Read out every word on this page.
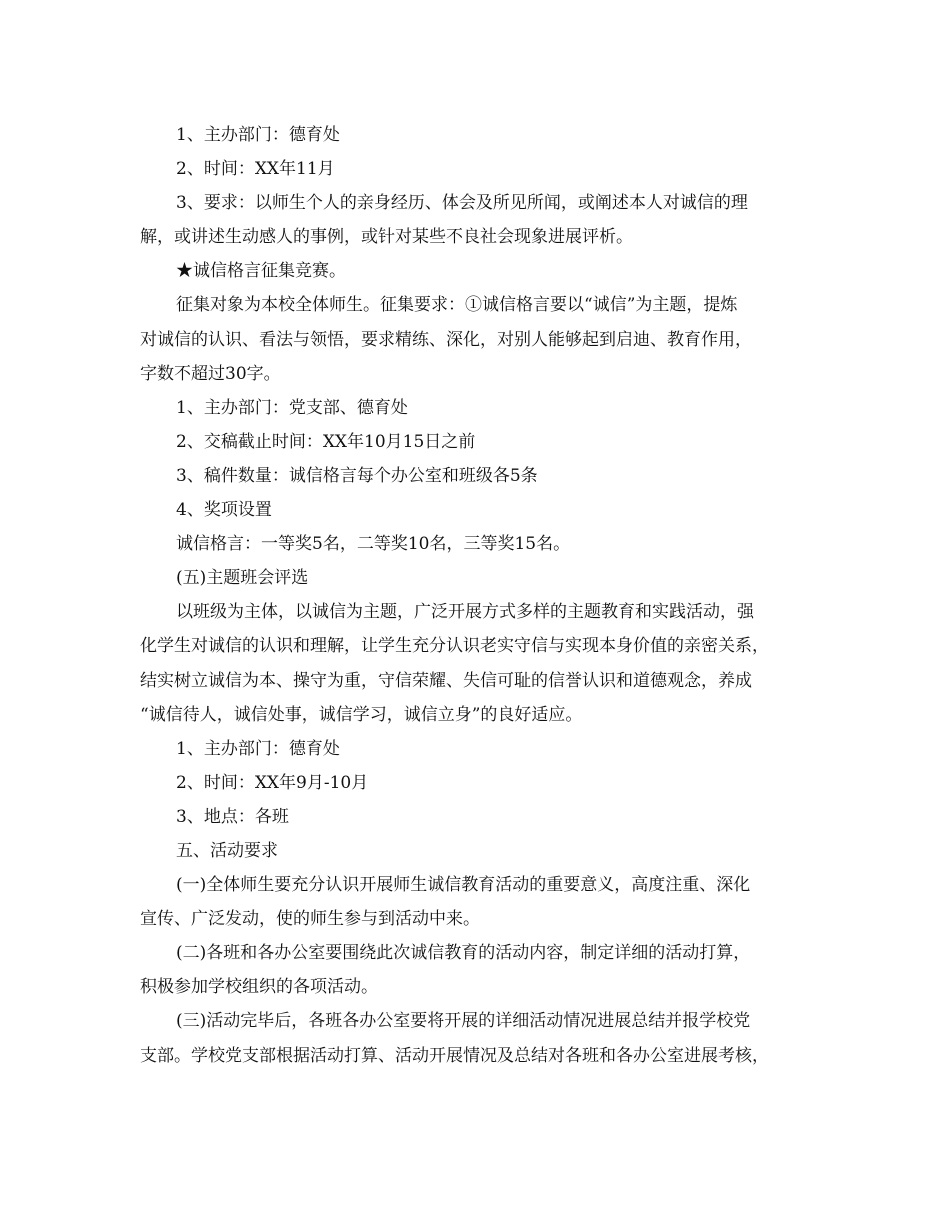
1、主办部门：德育处
2、时间：XX年11月
3、要求：以师生个人的亲身经历、体会及所见所闻，或阐述本人对诚信的理
解，或讲述生动感人的事例，或针对某些不良社会现象进展评析。
★诚信格言征集竞赛。
征集对象为本校全体师生。征集要求：①诚信格言要以“诚信”为主题，提炼
对诚信的认识、看法与领悟，要求精练、深化，对别人能够起到启迪、教育作用，
字数不超过30字。
1、主办部门：党支部、德育处
2、交稿截止时间：XX年10月15日之前
3、稿件数量：诚信格言每个办公室和班级各5条
4、奖项设置
诚信格言：一等奖5名，二等奖10名，三等奖15名。
(五)主题班会评选
以班级为主体，以诚信为主题，广泛开展方式多样的主题教育和实践活动，强
化学生对诚信的认识和理解，让学生充分认识老实守信与实现本身价值的亲密关系，
结实树立诚信为本、操守为重，守信荣耀、失信可耻的信誉认识和道德观念，养成
“诚信待人，诚信处事，诚信学习，诚信立身”的良好适应。
1、主办部门：德育处
2、时间：XX年9月-10月
3、地点：各班
五、活动要求
(一)全体师生要充分认识开展师生诚信教育活动的重要意义，高度注重、深化
宣传、广泛发动，使的师生参与到活动中来。
(二)各班和各办公室要围绕此次诚信教育的活动内容，制定详细的活动打算，
积极参加学校组织的各项活动。
(三)活动完毕后，各班各办公室要将开展的详细活动情况进展总结并报学校党
支部。学校党支部根据活动打算、活动开展情况及总结对各班和各办公室进展考核，
